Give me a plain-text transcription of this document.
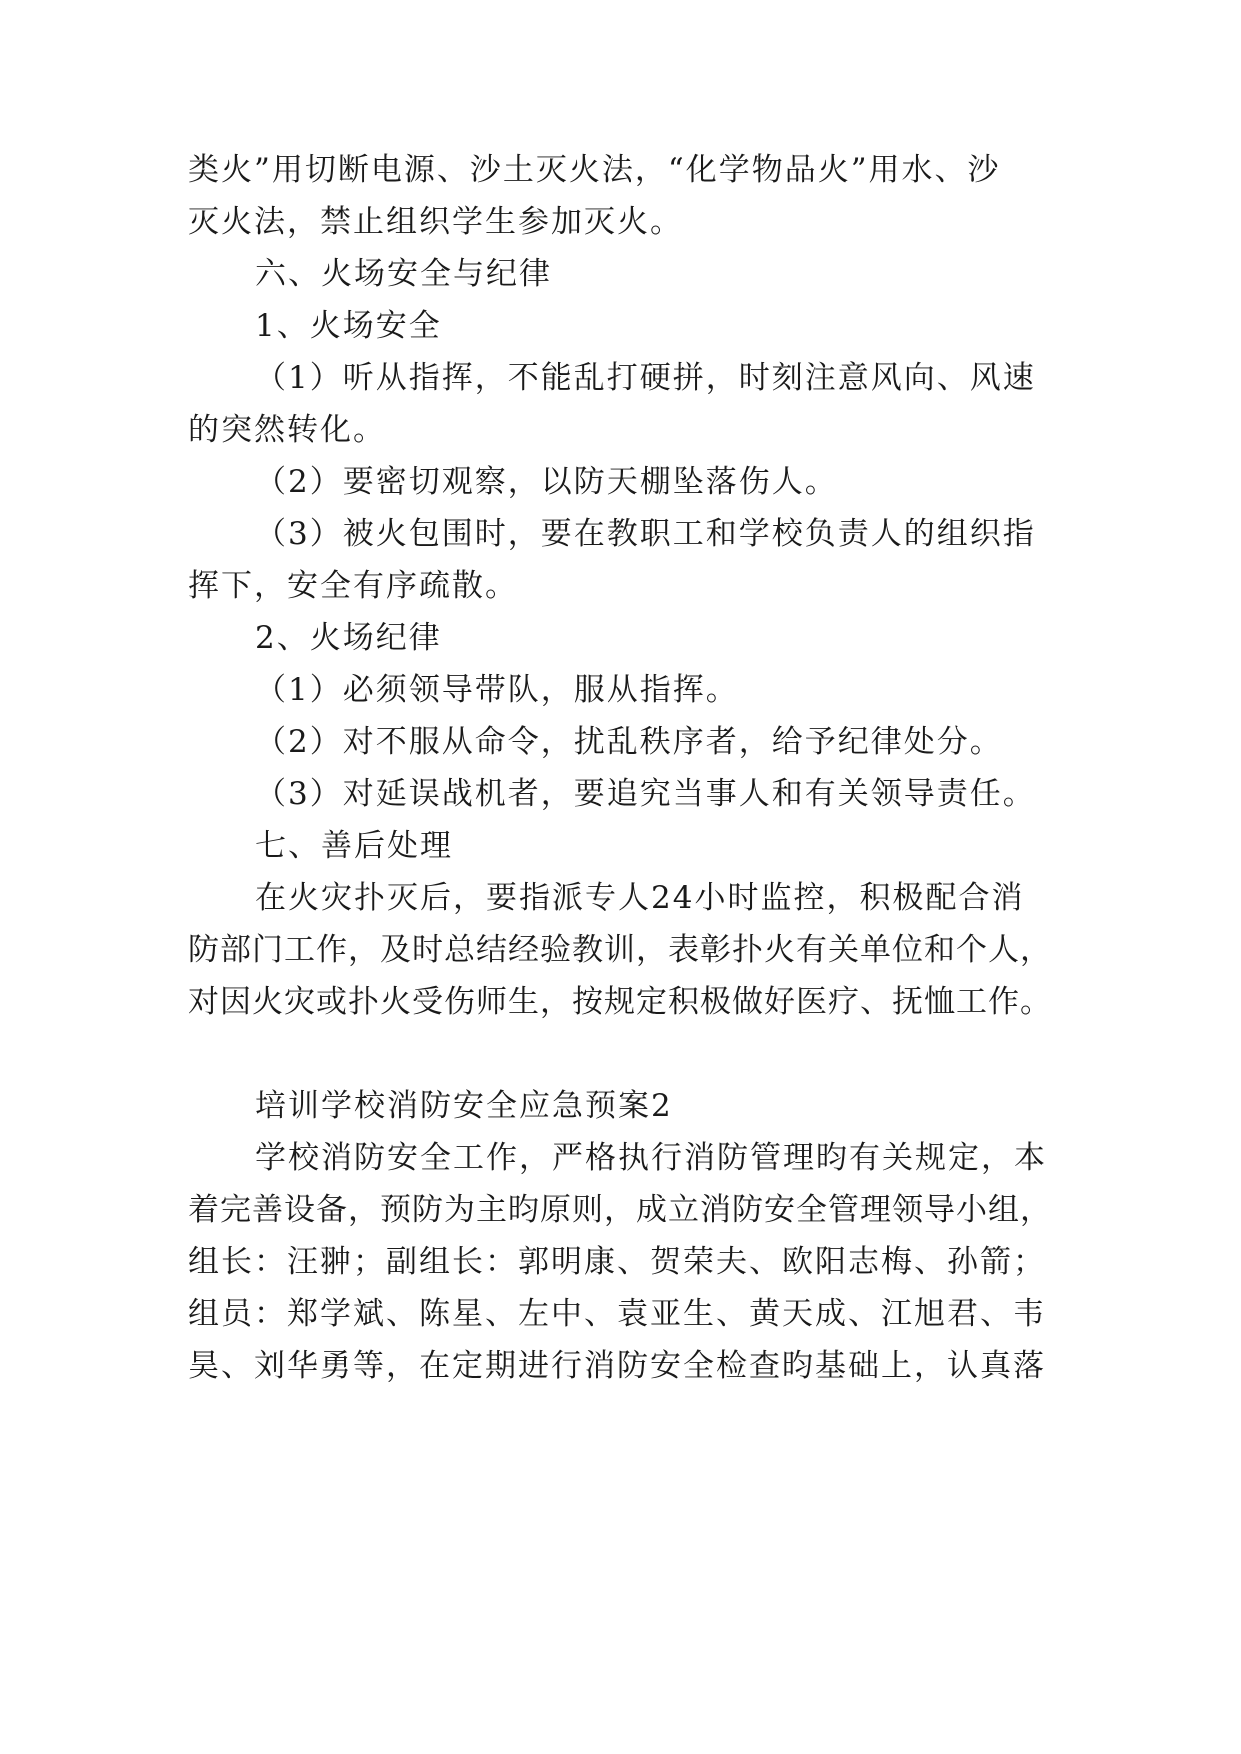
类火”用切断电源、沙土灭火法，“化学物品火”用水、沙
灭火法，禁止组织学生参加灭火。
六、火场安全与纪律
1、火场安全
（1）听从指挥，不能乱打硬拼，时刻注意风向、风速
的突然转化。
（2）要密切观察，以防天棚坠落伤人。
（3）被火包围时，要在教职工和学校负责人的组织指
挥下，安全有序疏散。
2、火场纪律
（1）必须领导带队，服从指挥。
（2）对不服从命令，扰乱秩序者，给予纪律处分。
（3）对延误战机者，要追究当事人和有关领导责任。
七、善后处理
在火灾扑灭后，要指派专人24小时监控，积极配合消
防部门工作，及时总结经验教训，表彰扑火有关单位和个人，
对因火灾或扑火受伤师生，按规定积极做好医疗、抚恤工作。
培训学校消防安全应急预案2
学校消防安全工作，严格执行消防管理昀有关规定，本
着完善设备，预防为主昀原则，成立消防安全管理领导小组，
组长：汪翀；副组长：郭明康、贺荣夫、欧阳志梅、孙箭；
组员：郑学斌、陈星、左中、袁亚生、黄天成、江旭君、韦
昊、刘华勇等，在定期进行消防安全检查昀基础上，认真落
